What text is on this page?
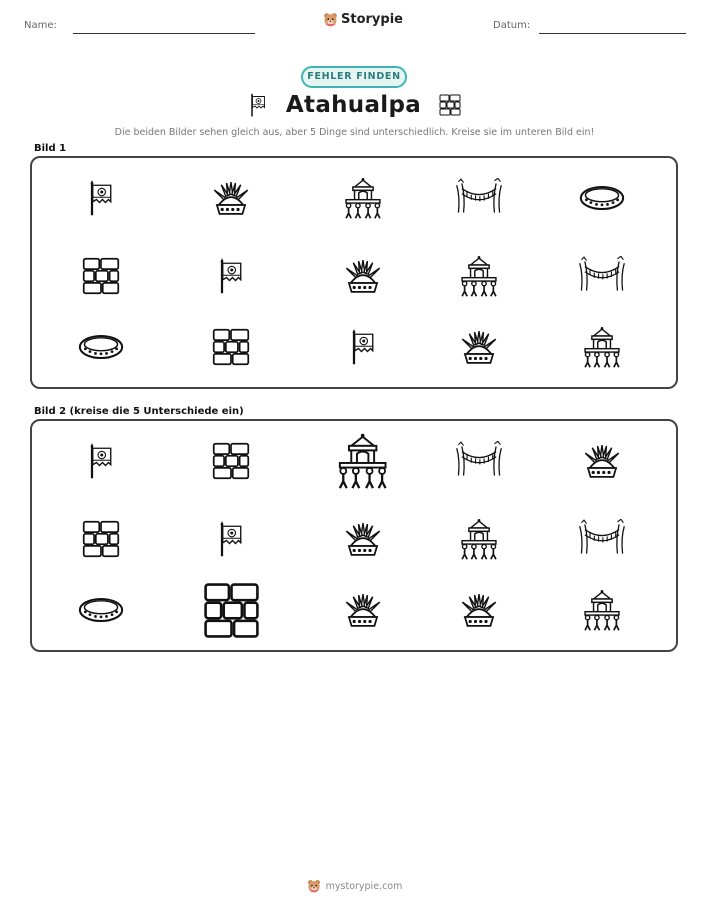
Name:	Storypie	Datum:
FEHLER FINDEN
Atahualpa
Die beiden Bilder sehen gleich aus, aber 5 Dinge sind unterschiedlich. Kreise sie im unteren Bild ein!
Bild 1
Bild 2 (kreise die 5 Unterschiede ein)
mystorypie.com
